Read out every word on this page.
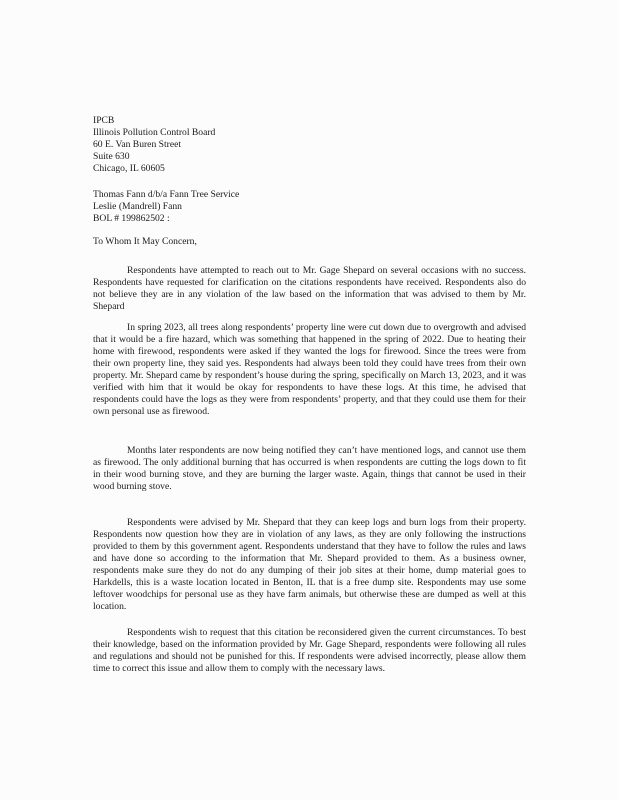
IPCB
Illinois Pollution Control Board
60 E. Van Buren Street
Suite 630
Chicago, IL 60605
Thomas Fann d/b/a Fann Tree Service
Leslie (Mandrell) Fann
BOL # 199862502 :
To Whom It May Concern,

Respondents have attempted to reach out to Mr. Gage Shepard on several occasions with no success. Respondents have requested for clarification on the citations respondents have received. Respondents also do not believe they are in any violation of the law based on the information that was advised to them by Mr. Shepard

In spring 2023, all trees along respondents’ property line were cut down due to overgrowth and advised that it would be a fire hazard, which was something that happened in the spring of 2022. Due to heating their home with firewood, respondents were asked if they wanted the logs for firewood. Since the trees were from their own property line, they said yes. Respondents had always been told they could have trees from their own property. Mr. Shepard came by respondent’s house during the spring, specifically on March 13, 2023, and it was verified with him that it would be okay for respondents to have these logs. At this time, he advised that respondents could have the logs as they were from respondents’ property, and that they could use them for their own personal use as firewood.

Months later respondents are now being notified they can’t have mentioned logs, and cannot use them as firewood. The only additional burning that has occurred is when respondents are cutting the logs down to fit in their wood burning stove, and they are burning the larger waste. Again, things that cannot be used in their wood burning stove.

Respondents were advised by Mr. Shepard that they can keep logs and burn logs from their property. Respondents now question how they are in violation of any laws, as they are only following the instructions provided to them by this government agent. Respondents understand that they have to follow the rules and laws and have done so according to the information that Mr. Shepard provided to them. As a business owner, respondents make sure they do not do any dumping of their job sites at their home, dump material goes to Harkdells, this is a waste location located in Benton, IL that is a free dump site. Respondents may use some leftover woodchips for personal use as they have farm animals, but otherwise these are dumped as well at this location.

Respondents wish to request that this citation be reconsidered given the current circumstances. To best their knowledge, based on the information provided by Mr. Gage Shepard, respondents were following all rules and regulations and should not be punished for this. If respondents were advised incorrectly, please allow them time to correct this issue and allow them to comply with the necessary laws.
